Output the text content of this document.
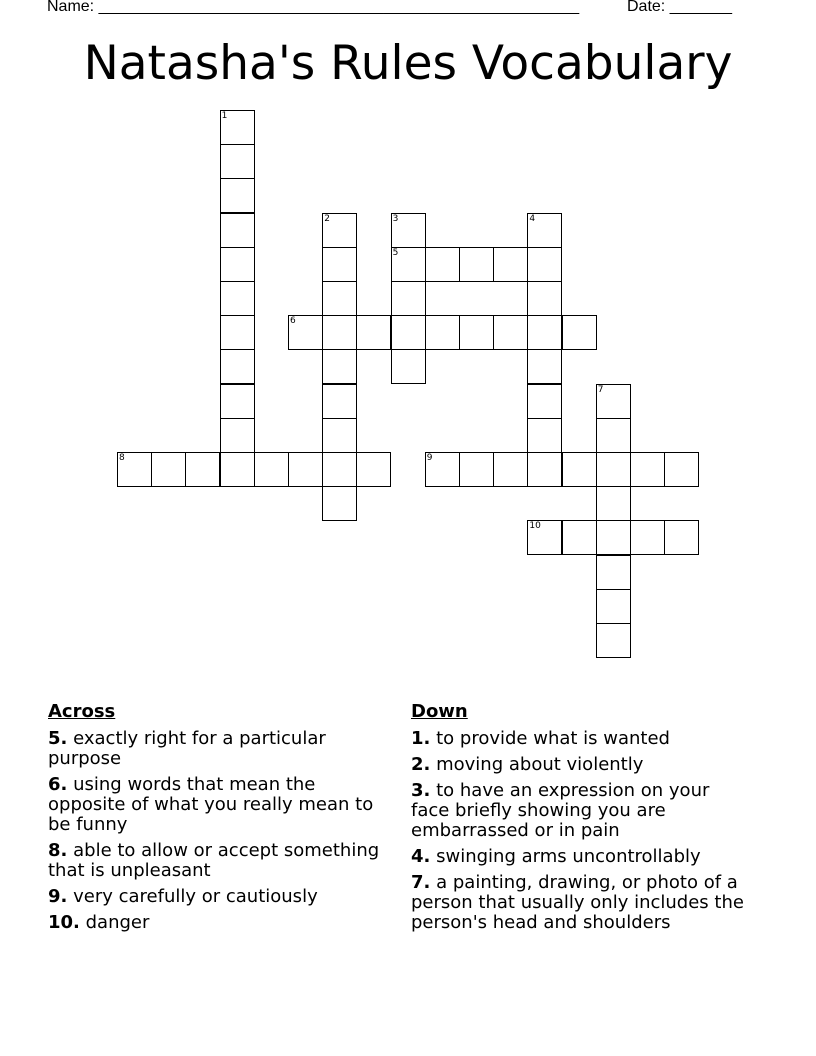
Name: ______________________________________________________	Date: _______
Natasha's Rules Vocabulary
1
2	3
5
4
6
7
8	9
10
Across
5. exactly right for a particular purpose
6. using words that mean the opposite of what you really mean to be funny
8. able to allow or accept something that is unpleasant
9. very carefully or cautiously
10. danger
Down
1. to provide what is wanted
2. moving about violently
3. to have an expression on your face briefly showing you are embarrassed or in pain
4. swinging arms uncontrollably
7. a painting, drawing, or photo of a person that usually only includes the person's head and shoulders
